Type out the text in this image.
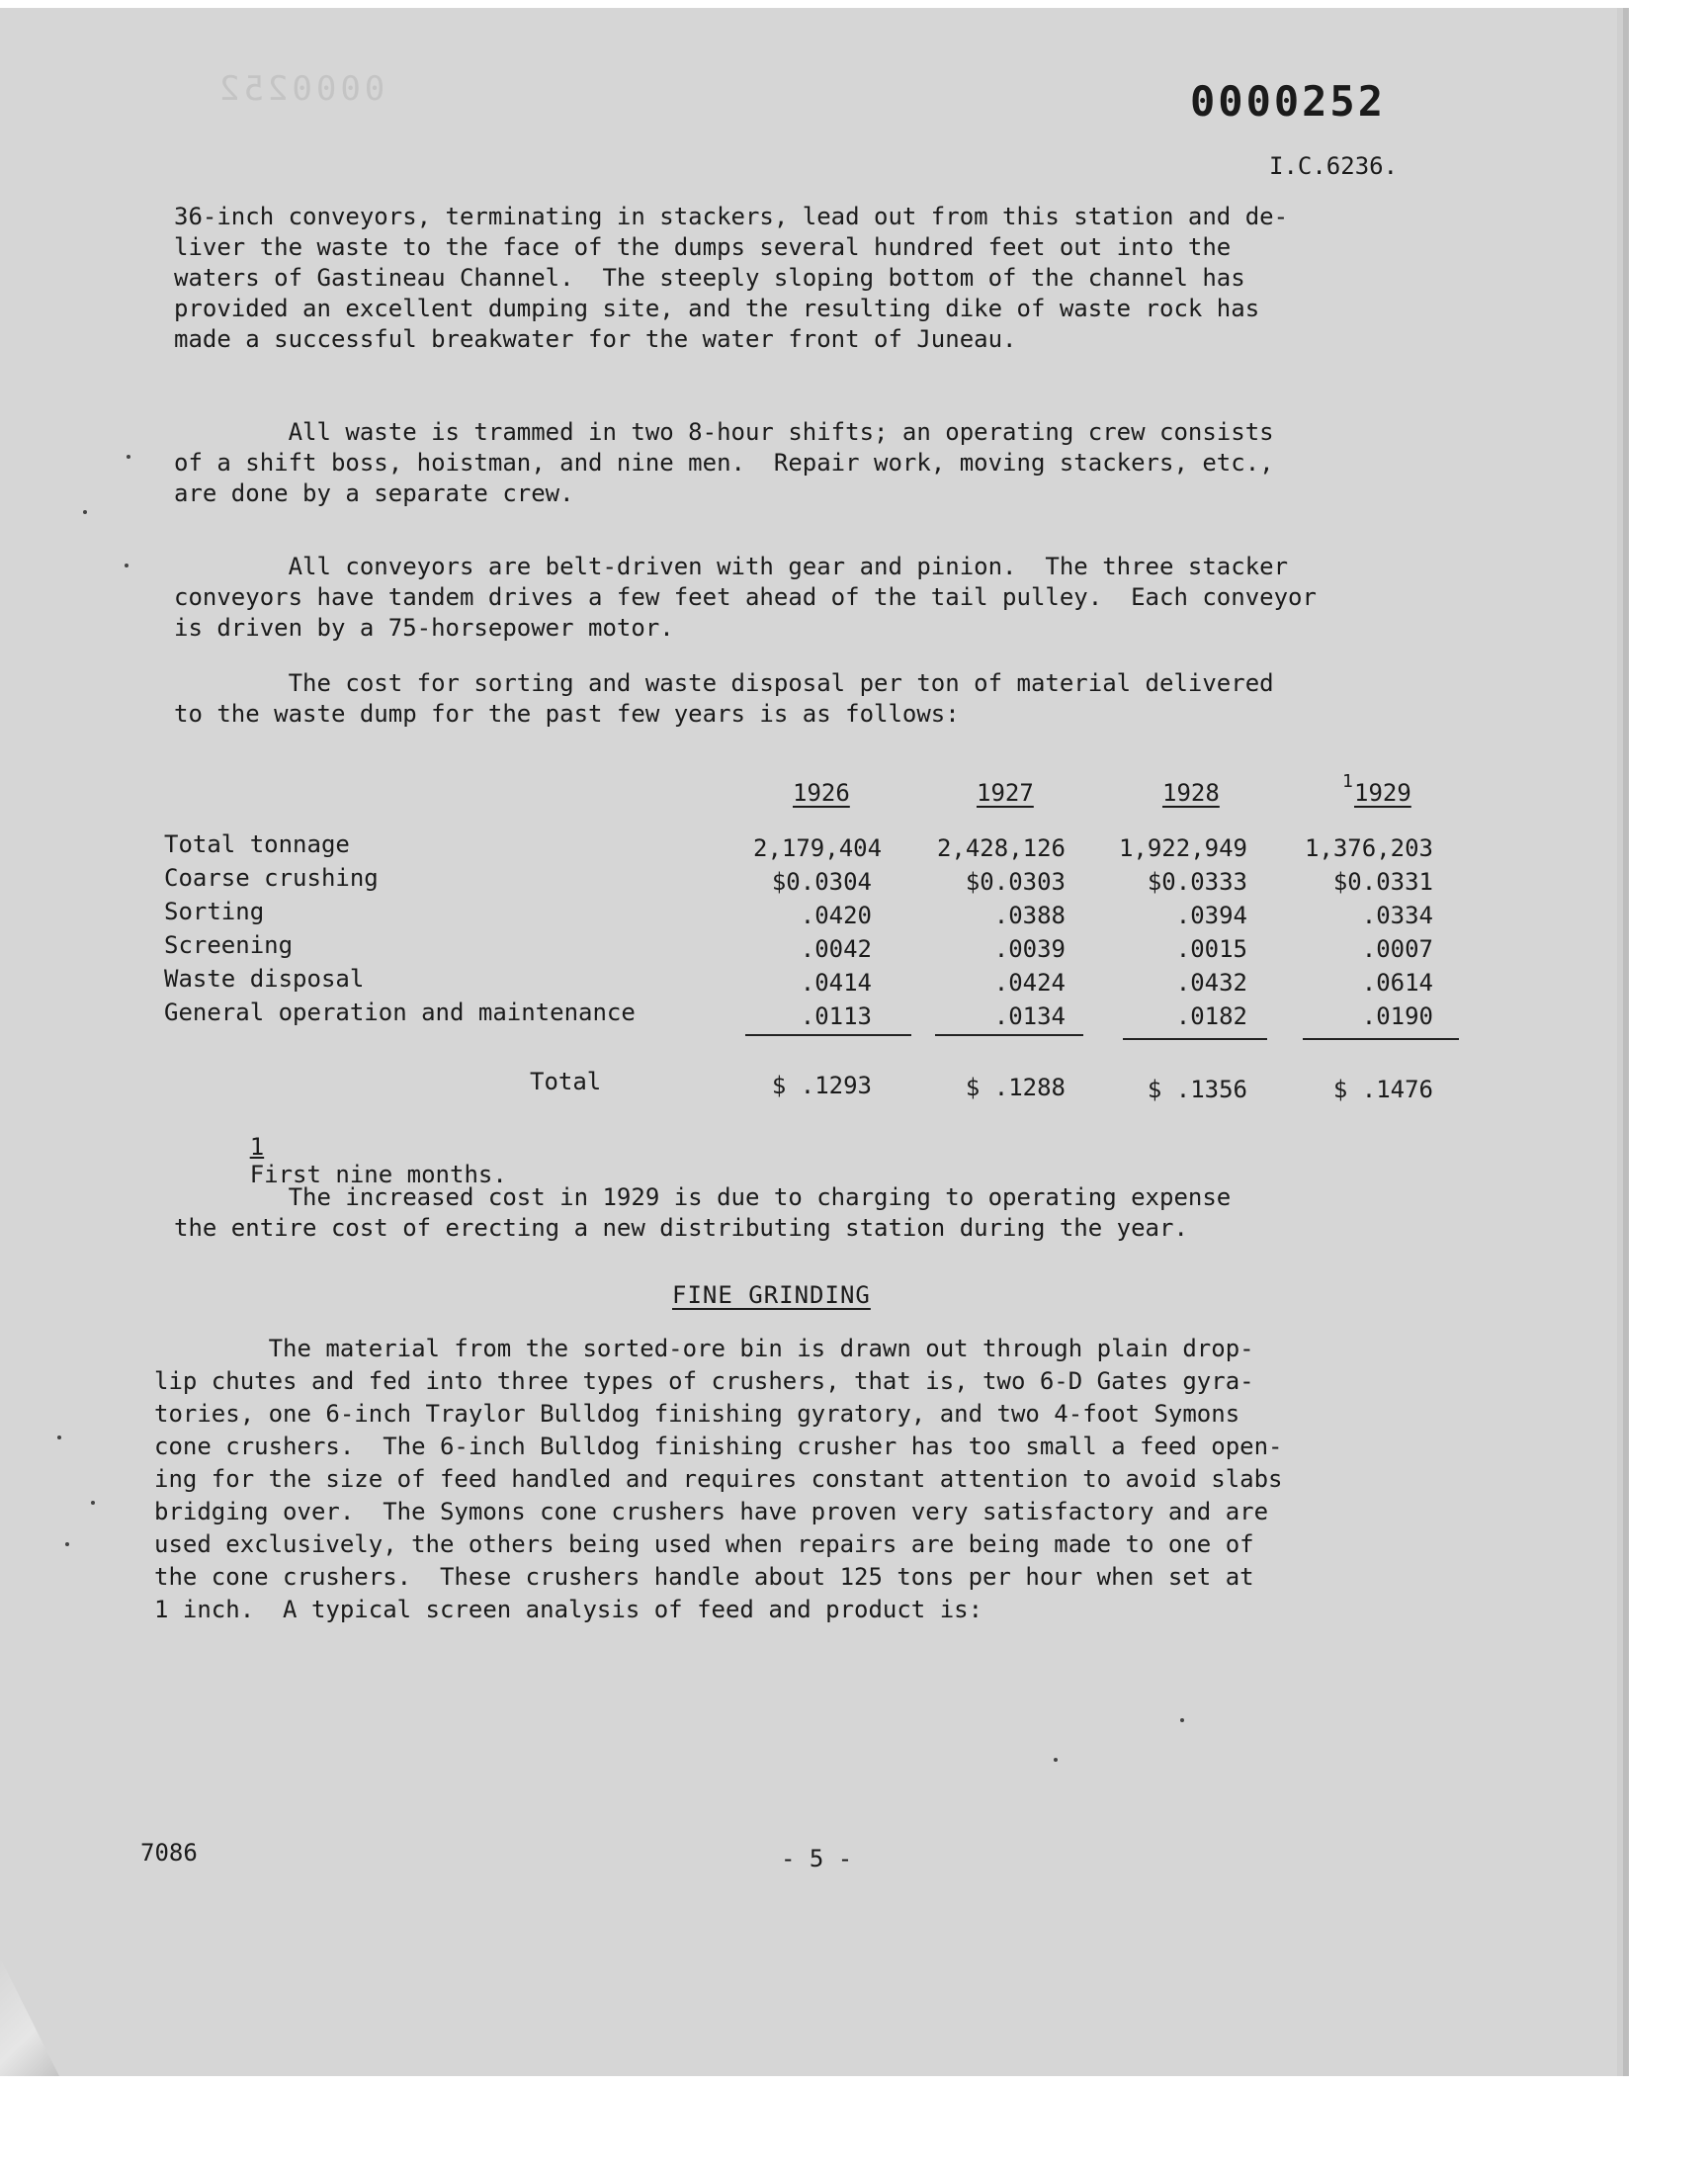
0000252	0000252
I.C.6236.
36-inch conveyors, terminating in stackers, lead out from this station and de-
liver the waste to the face of the dumps several hundred feet out into the
waters of Gastineau Channel.  The steeply sloping bottom of the channel has
provided an excellent dumping site, and the resulting dike of waste rock has
made a successful breakwater for the water front of Juneau.
All waste is trammed in two 8-hour shifts; an operating crew consists
of a shift boss, hoistman, and nine men.  Repair work, moving stackers, etc.,
are done by a separate crew.
All conveyors are belt-driven with gear and pinion.  The three stacker
conveyors have tandem drives a few feet ahead of the tail pulley.  Each conveyor
is driven by a 75-horsepower motor.
The cost for sorting and waste disposal per ton of material delivered
to the waste dump for the past few years is as follows:
1926	1927	1928	1 1929
Total tonnage	2,179,404	2,428,126 1,922,949	1,376,203
Coarse crushing	$0.0304	$0.0303	$0.0333	$0.0331
Sorting	.0420	.0388	.0394	.0334
Screening	.0042	.0039	.0015	.0007
Waste disposal	.0414	.0424	.0432	.0614
General operation and maintenance	.0113	.0134	.0182	.0190
Total	$ .1293	$ .1288	$ .1356	$ .1476

1
First nine months.

The increased cost in 1929 is due to charging to operating expense
the entire cost of erecting a new distributing station during the year.
FINE GRINDING
The material from the sorted-ore bin is drawn out through plain drop-
lip chutes and fed into three types of crushers, that is, two 6-D Gates gyra-
tories, one 6-inch Traylor Bulldog finishing gyratory, and two 4-foot Symons
cone crushers.  The 6-inch Bulldog finishing crusher has too small a feed open-
ing for the size of feed handled and requires constant attention to avoid slabs
bridging over.  The Symons cone crushers have proven very satisfactory and are
used exclusively, the others being used when repairs are being made to one of
the cone crushers.  These crushers handle about 125 tons per hour when set at
1 inch.  A typical screen analysis of feed and product is:
7086	- 5 -
